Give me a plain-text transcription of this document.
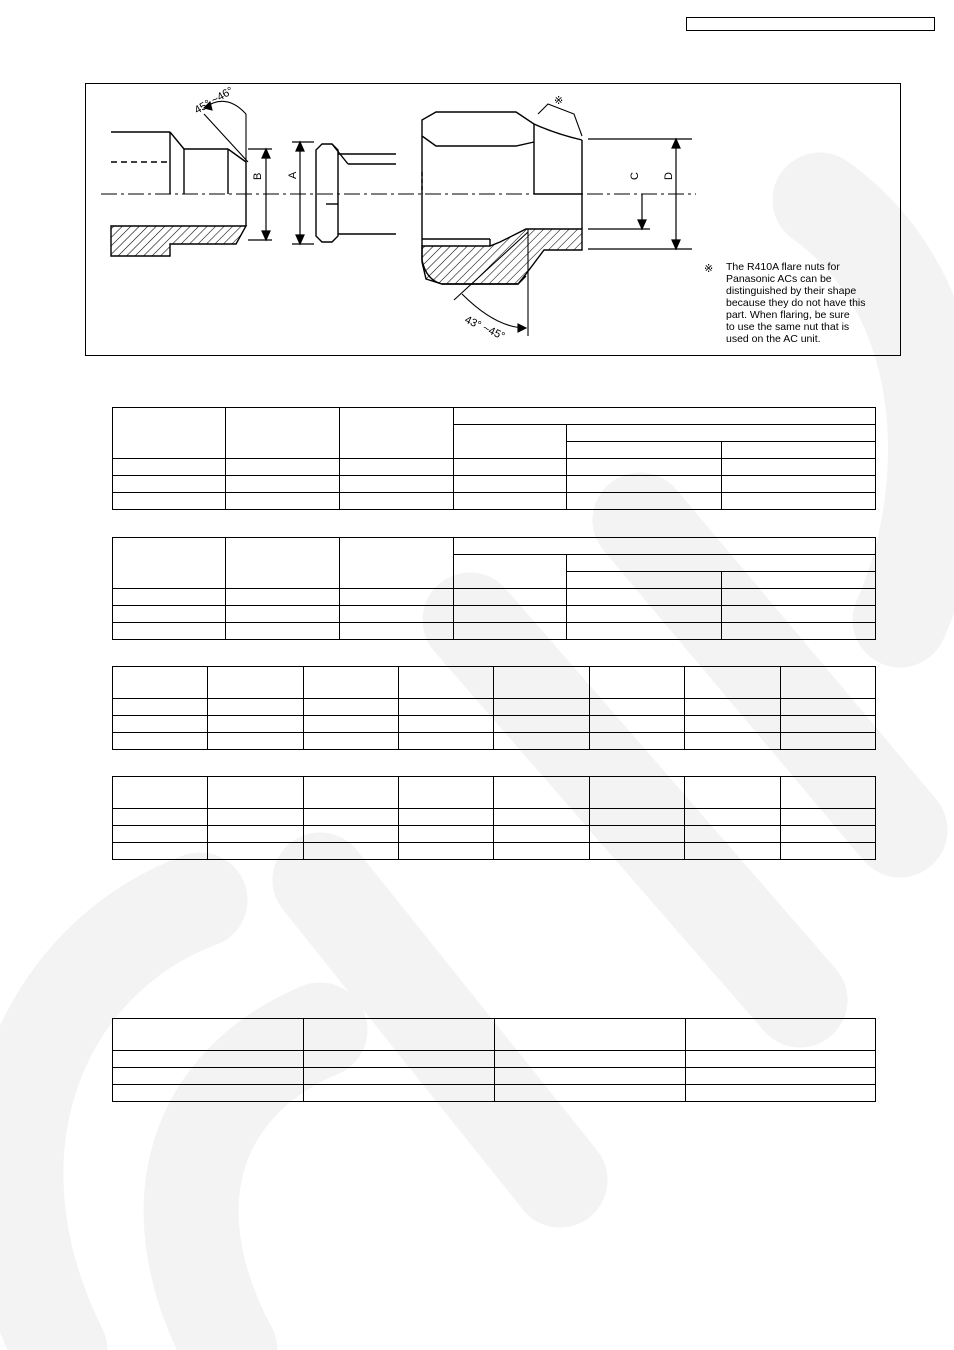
45° ~46°
B A
※
43° ~45°
C D
※ The R410A flare nuts for
Panasonic ACs can be
distinguished by their shape
because they do not have this
part. When flaring, be sure
to use the same nut that is
used on the AC unit.
